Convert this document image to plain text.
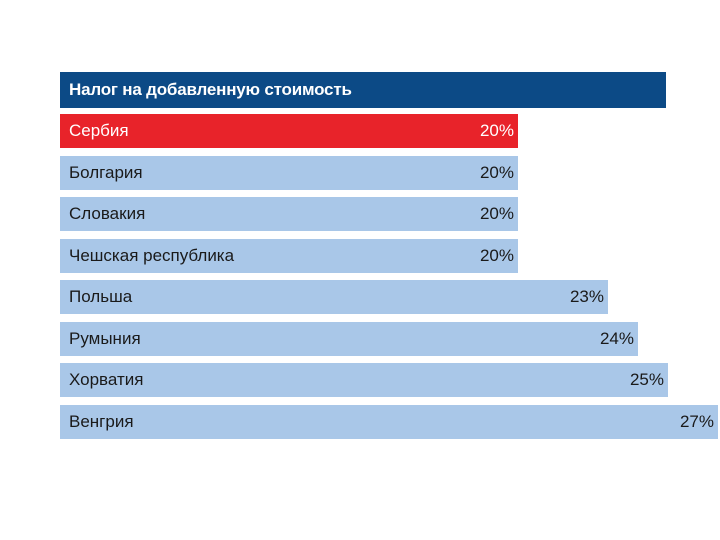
Налог на добавленную стоимость
Сербия	20%
Болгария	20%
Словакия	20%
Чешская республика	20%
Польша	23%
Румыния	24%
Хорватия	25%
Венгрия	27%
